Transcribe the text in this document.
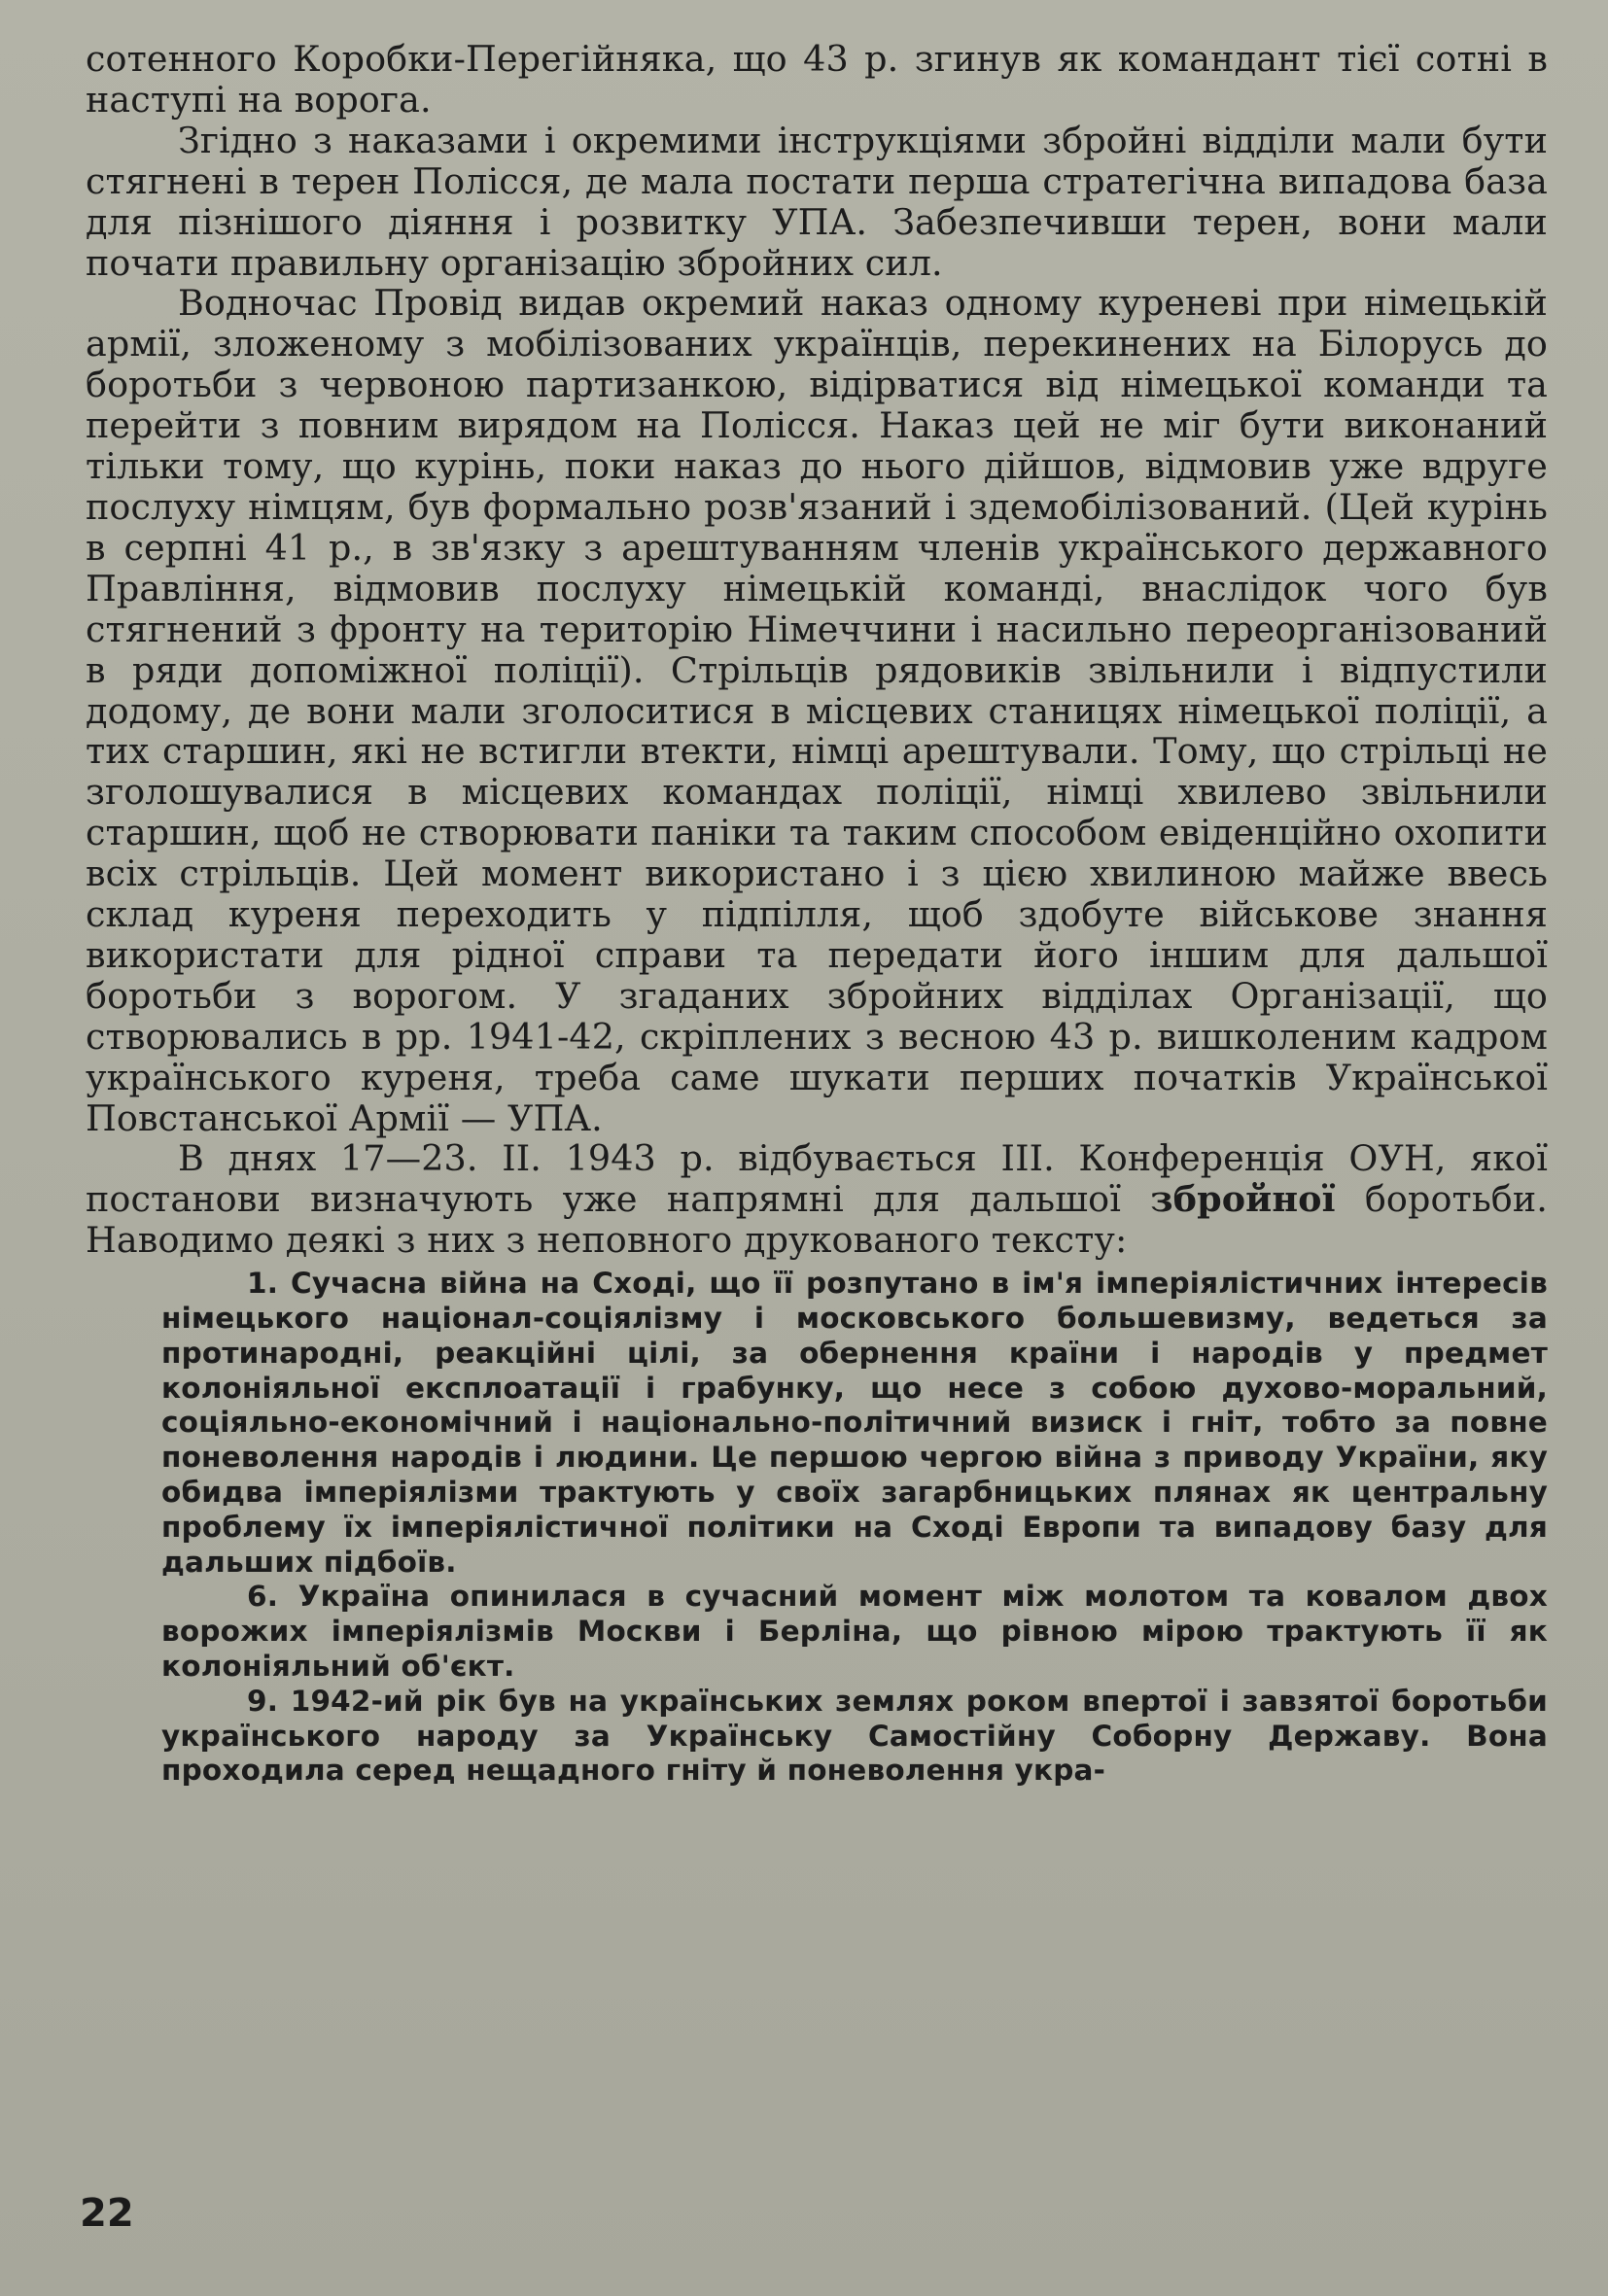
сотенного Коробки-Перегійняка, що 43 р. згинув як командант тієї сотні в наступі на ворога.

Згідно з наказами і окремими інструкціями збройні відділи мали бути стягнені в терен Полісся, де мала постати перша стратегічна випадова база для пізнішого діяння і розвитку УПА. Забезпечивши терен, вони мали почати правильну організацію збройних сил.

Водночас Провід видав окремий наказ одному куреневі при німецькій армії, зложеному з мобілізованих українців, перекинених на Білорусь до боротьби з червоною партизанкою, відірватися від німецької команди та перейти з повним вирядом на Полісся. Наказ цей не міг бути виконаний тільки тому, що курінь, поки наказ до нього дійшов, відмовив уже вдруге послуху німцям, був формально розв'язаний і здемобілізований. (Цей курінь в серпні 41 р., в зв'язку з арештуванням членів українського державного Правління, відмовив послуху німецькій команді, внаслідок чого був стягнений з фронту на територію Німеччини і насильно переорганізований в ряди допоміжної поліції). Стрільців рядовиків звільнили і відпустили додому, де вони мали зголоситися в місцевих станицях німецької поліції, а тих старшин, які не встигли втекти, німці арештували. Тому, що стрільці не зголошувалися в місцевих командах поліції, німці хвилево звільнили старшин, щоб не створювати паніки та таким способом евіденційно охопити всіх стрільців. Цей момент використано і з цією хвилиною майже ввесь склад куреня переходить у підпілля, щоб здобуте військове знання використати для рідної справи та передати його іншим для дальшої боротьби з ворогом. У згаданих збройних відділах Організації, що створювались в рр. 1941-42, скріплених з весною 43 р. вишколеним кадром українського куреня, треба саме шукати перших початків Української Повстанської Армії — УПА.

В днях 17—23. II. 1943 р. відбувається III. Конференція ОУН, якої постанови визначують уже напрямні для дальшої збройної боротьби. Наводимо деякі з них з неповного друкованого тексту:

1. Сучасна війна на Сході, що її розпутано в ім'я імперіялістичних інтересів німецького націонал-соціялізму і московського большевизму, ведеться за протинародні, реакційні цілі, за обернення країни і народів у предмет колоніяльної експлоатації і грабунку, що несе з собою духово-моральний, соціяльно-економічний і національно-політичний визиск і гніт, тобто за повне поневолення народів і людини. Це першою чергою війна з приводу України, яку обидва імперіялізми трактують у своїх загарбницьких плянах як центральну проблему їх імперіялістичної політики на Сході Европи та випадову базу для дальших підбоїв.

6. Україна опинилася в сучасний момент між молотом та ковалом двох ворожих імперіялізмів Москви і Берліна, що рівною мірою трактують її як колоніяльний об'єкт.

9. 1942-ий рік був на українських землях роком впертої і завзятої боротьби українського народу за Українську Самостійну Соборну Державу. Вона проходила серед нещадного гніту й поневолення укра-

22
